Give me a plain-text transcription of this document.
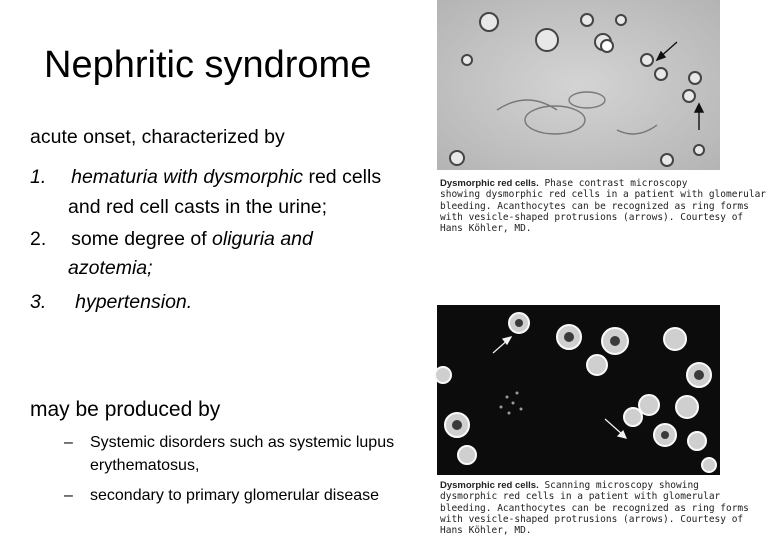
Nephritic syndrome
acute onset, characterized by
1. hematuria with dysmorphic red cells
and red cell casts in the urine;
2. some degree of oliguria and
azotemia;
3. hypertension.
may be produced by
– Systemic disorders such as systemic lupus
erythematosus,
– secondary to primary glomerular disease
Dysmorphic red cells. Phase contrast microscopy
showing dysmorphic red cells in a patient with glomerular
bleeding. Acanthocytes can be recognized as ring forms
with vesicle-shaped protrusions (arrows). Courtesy of
Hans Köhler, MD.
Dysmorphic red cells. Scanning microscopy showing
dysmorphic red cells in a patient with glomerular
bleeding. Acanthocytes can be recognized as ring forms
with vesicle-shaped protrusions (arrows). Courtesy of
Hans Köhler, MD.
